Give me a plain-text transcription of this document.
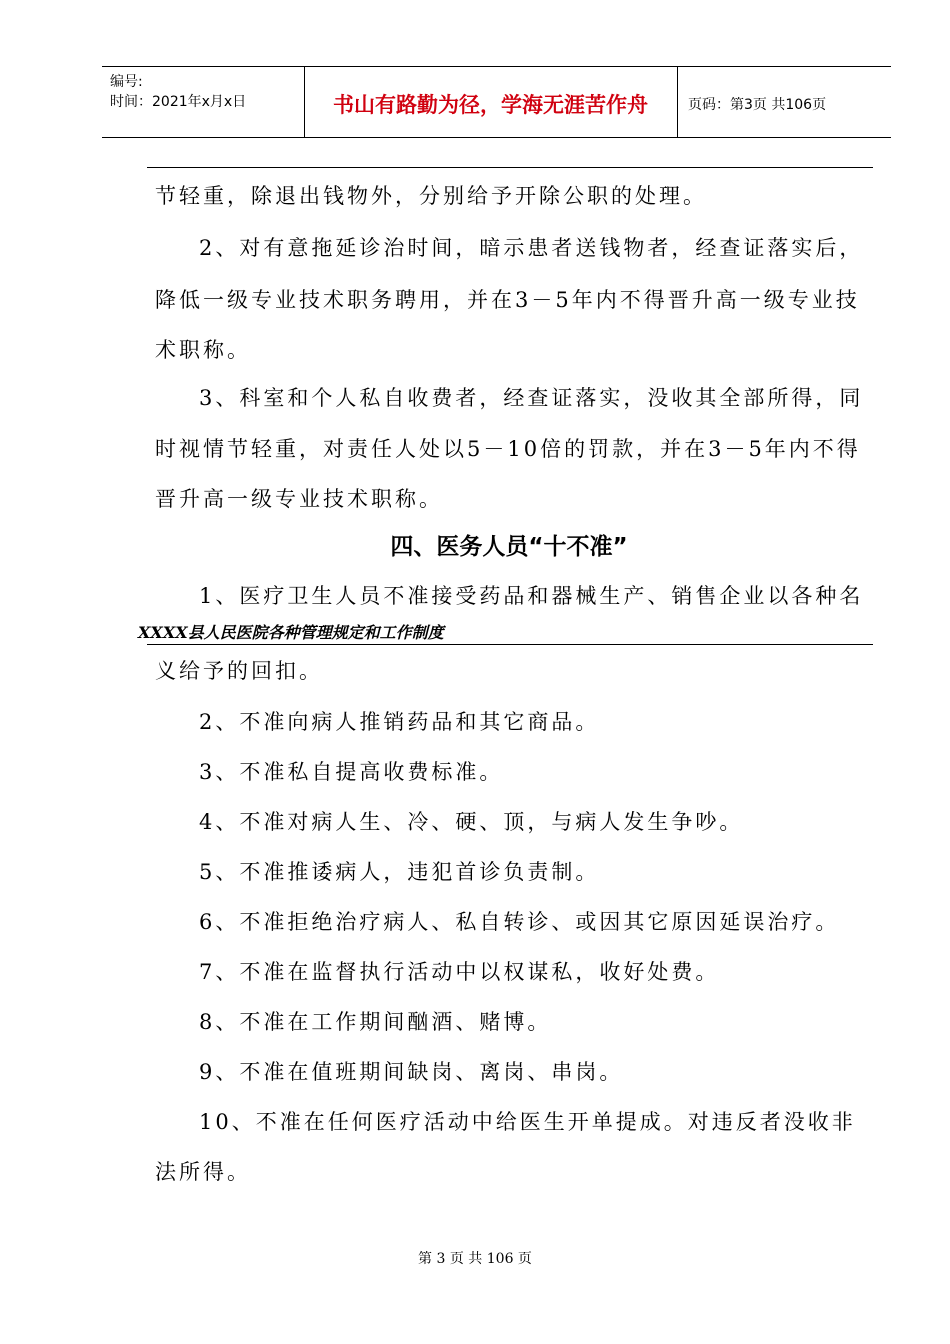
编号:
时间：2021年x月x日	书山有路勤为径，学海无涯苦作舟	页码：第3页 共106页
节轻重，除退出钱物外，分别给予开除公职的处理。
2、对有意拖延诊治时间，暗示患者送钱物者，经查证落实后，
降低一级专业技术职务聘用，并在3－5年内不得晋升高一级专业技
术职称。
3、科室和个人私自收费者，经查证落实，没收其全部所得，同
时视情节轻重，对责任人处以5－10倍的罚款，并在3－5年内不得
晋升高一级专业技术职称。
四、医务人员“十不准”
1、医疗卫生人员不准接受药品和器械生产、销售企业以各种名
XXXX县人民医院各种管理规定和工作制度
义给予的回扣。
2、不准向病人推销药品和其它商品。
3、不准私自提高收费标准。
4、不准对病人生、冷、硬、顶，与病人发生争吵。
5、不准推诿病人，违犯首诊负责制。
6、不准拒绝治疗病人、私自转诊、或因其它原因延误治疗。
7、不准在监督执行活动中以权谋私，收好处费。
8、不准在工作期间酗酒、赌博。
9、不准在值班期间缺岗、离岗、串岗。
10、不准在任何医疗活动中给医生开单提成。对违反者没收非
法所得。
第 3 页 共 106 页
